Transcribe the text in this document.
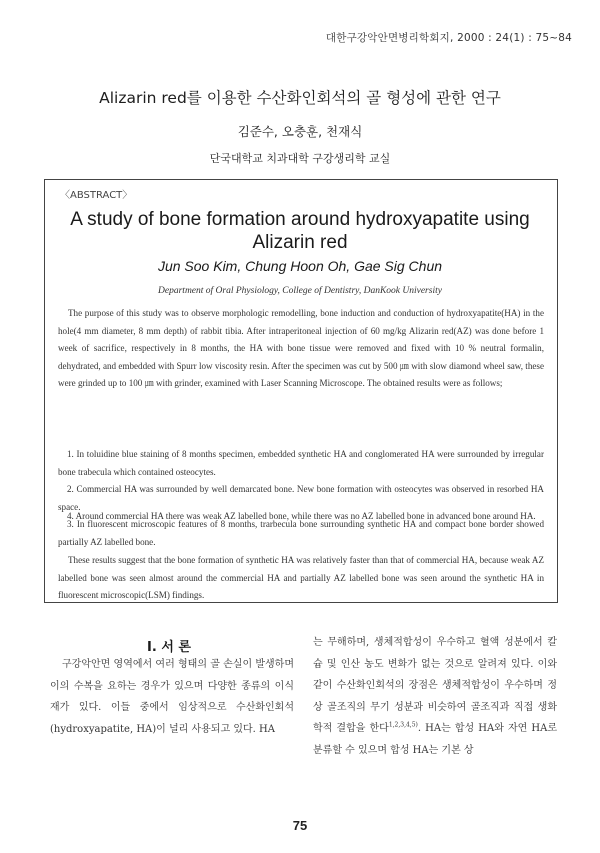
대한구강악안면병리학회지, 2000 : 24(1) : 75~84
Alizarin red를 이용한 수산화인회석의 골 형성에 관한 연구
김준수, 오충훈, 천재식
단국대학교 치과대학 구강생리학 교실
〈ABSTRACT〉
A study of bone formation around hydroxyapatite using Alizarin red
Jun Soo Kim, Chung Hoon Oh, Gae Sig Chun
Department of Oral Physiology, College of Dentistry, DanKook University

The purpose of this study was to observe morphologic remodelling, bone induction and conduction of hydroxyapatite(HA) in the hole(4 mm diameter, 8 mm depth) of rabbit tibia. After intraperitoneal injection of 60 mg/kg Alizarin red(AZ) was done before 1 week of sacrifice, respectively in 8 months, the HA with bone tissue were removed and fixed with 10 % neutral formalin, dehydrated, and embedded with Spurr low viscosity resin. After the specimen was cut by 500 ㎛ with slow diamond wheel saw, these were grinded up to 100 ㎛ with grinder, examined with Laser Scanning Microscope. The obtained results were as follows;

1. In toluidine blue staining of 8 months specimen, embedded synthetic HA and conglomerated HA were surrounded by irregular bone trabecula which contained osteocytes.

2. Commercial HA was surrounded by well demarcated bone. New bone formation with osteocytes was observed in resorbed HA space.

3. In fluorescent microscopic features of 8 months, trarbecula bone surrounding synthetic HA and compact bone border showed partially AZ labelled bone.

4. Around commercial HA there was weak AZ labelled bone, while there was no AZ labelled bone in advanced bone around HA.

These results suggest that the bone formation of synthetic HA was relatively faster than that of commercial HA, because weak AZ labelled bone was seen almost around the commercial HA and partially AZ labelled bone was seen around the synthetic HA in fluorescent microscopic(LSM) findings.

Ⅰ. 서 론

구강악안면 영역에서 여러 형태의 골 손실이 발생하며 이의 수복을 요하는 경우가 있으며 다양한 종류의 이식재가 있다. 이들 중에서 임상적으로 수산화인회석(hydroxyapatite, HA)이 널리 사용되고 있다. HA

는 무해하며, 생체적합성이 우수하고 혈액 성분에서 칼슘 및 인산 농도 변화가 없는 것으로 알려져 있다. 이와 같이 수산화인회석의 장점은 생체적합성이 우수하며 정상 골조직의 무기 성분과 비슷하여 골조직과 직접 생화학적 결합을 한다$^{1,2,3,4,5)}$. HA는 합성 HA와 자연 HA로 분류할 수 있으며 합성 HA는 기본 상

75
